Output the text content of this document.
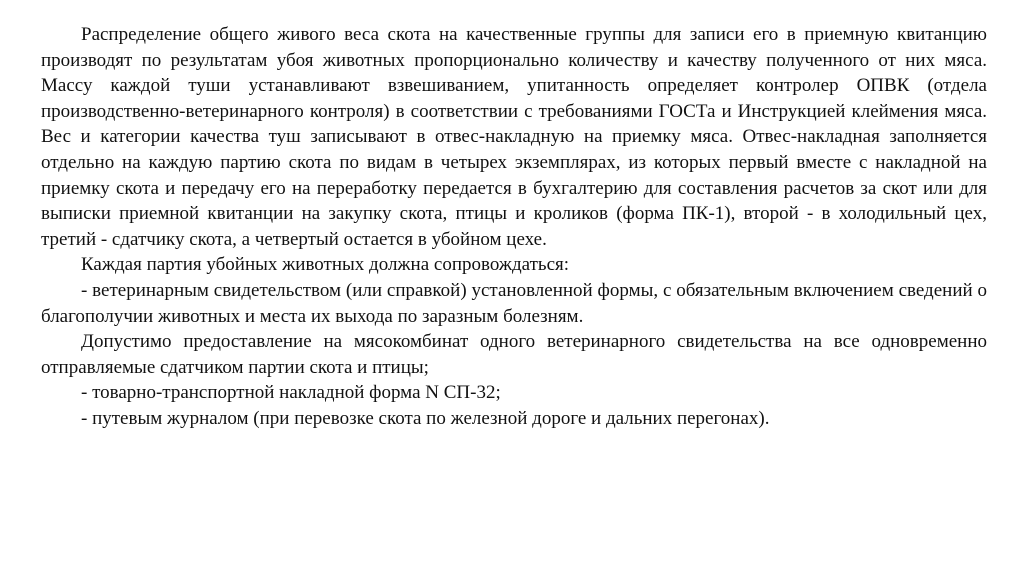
Распределение общего живого веса скота на качественные группы для записи его в приемную квитанцию производят по результатам убоя животных пропорционально количеству и качеству полученного от них мяса. Массу каждой туши устанавливают взвешиванием, упитанность определяет контролер ОПВК (отдела производственно-ветеринарного контроля) в соответствии с требованиями ГОСТа и Инструкцией клеймения мяса. Вес и категории качества туш записывают в отвес-накладную на приемку мяса. Отвес-накладная заполняется отдельно на каждую партию скота по видам в четырех экземплярах, из которых первый вместе с накладной на приемку скота и передачу его на переработку передается в бухгалтерию для составления расчетов за скот или для выписки приемной квитанции на закупку скота, птицы и кроликов (форма ПК-1), второй - в холодильный цех, третий - сдатчику скота, а четвертый остается в убойном цехе.

Каждая партия убойных животных должна сопровождаться:

- ветеринарным свидетельством (или справкой) установленной формы, с обязательным включением сведений о благополучии животных и места их выхода по заразным болезням.

Допустимо предоставление на мясокомбинат одного ветеринарного свидетельства на все одновременно отправляемые сдатчиком партии скота и птицы;

- товарно-транспортной накладной форма N СП-32;

- путевым журналом (при перевозке скота по железной дороге и дальних перегонах).
